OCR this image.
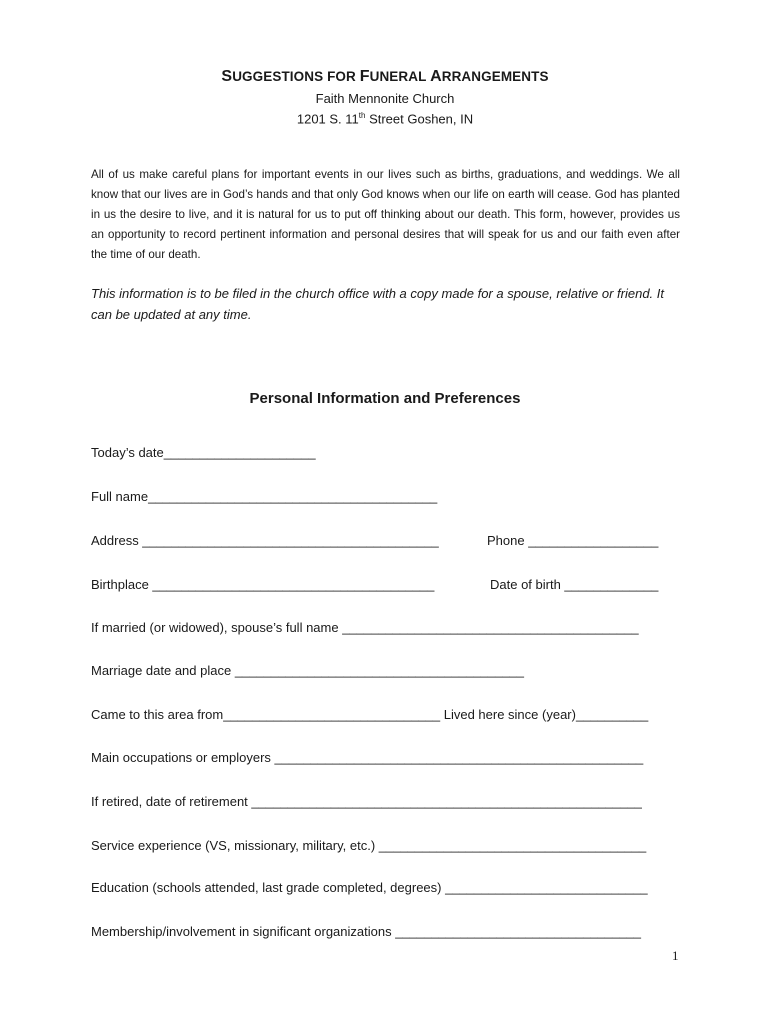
SUGGESTIONS FOR FUNERAL ARRANGEMENTS
Faith Mennonite Church
1201 S. 11th Street Goshen, IN
All of us make careful plans for important events in our lives such as births, graduations, and weddings. We all know that our lives are in God’s hands and that only God knows when our life on earth will cease. God has planted in us the desire to live, and it is natural for us to put off thinking about our death. This form, however, provides us an opportunity to record pertinent information and personal desires that will speak for us and our faith even after the time of our death.
This information is to be filed in the church office with a copy made for a spouse, relative or friend. It can be updated at any time.
Personal Information and Preferences
Today’s date_____________________
Full name________________________________________
Address _________________________________________	Phone __________________
Birthplace _______________________________________	Date of birth _____________
If married (or widowed), spouse’s full name _________________________________________
Marriage date and place ________________________________________
Came to this area from______________________________ Lived here since (year)__________
Main occupations or employers ___________________________________________________
If retired, date of retirement ______________________________________________________
Service experience (VS, missionary, military, etc.) _____________________________________
Education (schools attended, last grade completed, degrees) ____________________________
Membership/involvement in significant organizations __________________________________
1
